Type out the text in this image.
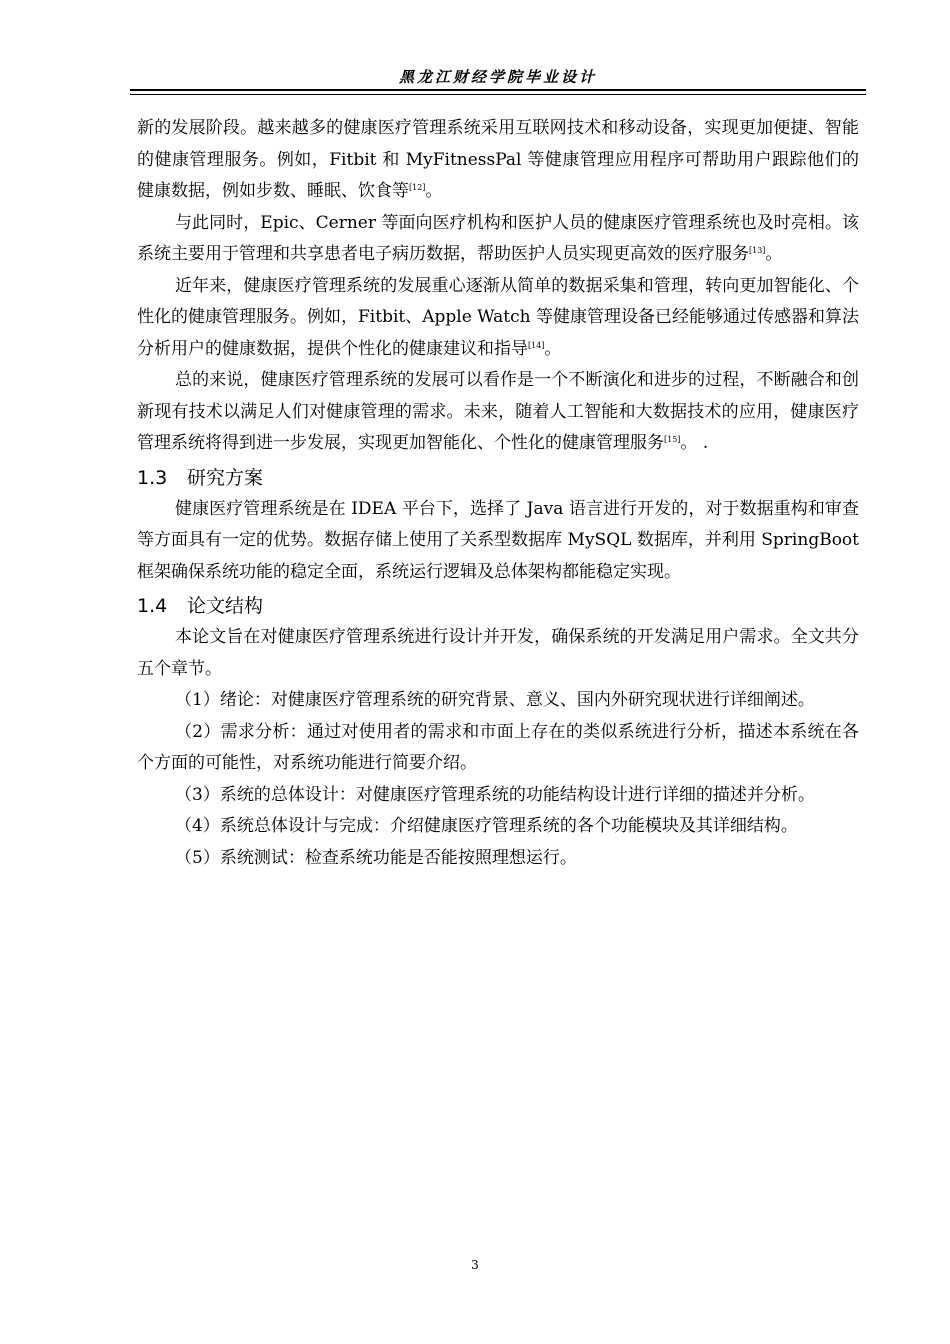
黑龙江财经学院毕业设计

新的发展阶段。越来越多的健康医疗管理系统采用互联网技术和移动设备，实现更加便捷、智能的健康管理服务。例如，Fitbit 和 MyFitnessPal 等健康管理应用程序可帮助用户跟踪他们的健康数据，例如步数、睡眠、饮食等[12]。

与此同时，Epic、Cerner 等面向医疗机构和医护人员的健康医疗管理系统也及时亮相。该系统主要用于管理和共享患者电子病历数据，帮助医护人员实现更高效的医疗服务[13]。

近年来，健康医疗管理系统的发展重心逐渐从简单的数据采集和管理，转向更加智能化、个性化的健康管理服务。例如，Fitbit、Apple Watch 等健康管理设备已经能够通过传感器和算法分析用户的健康数据，提供个性化的健康建议和指导[14]。

总的来说，健康医疗管理系统的发展可以看作是一个不断演化和进步的过程，不断融合和创新现有技术以满足人们对健康管理的需求。未来，随着人工智能和大数据技术的应用，健康医疗管理系统将得到进一步发展，实现更加智能化、个性化的健康管理服务[15]。 .

1.3 研究方案

健康医疗管理系统是在 IDEA 平台下，选择了 Java 语言进行开发的，对于数据重构和审查等方面具有一定的优势。数据存储上使用了关系型数据库 MySQL 数据库，并利用 SpringBoot 框架确保系统功能的稳定全面，系统运行逻辑及总体架构都能稳定实现。

1.4 论文结构

本论文旨在对健康医疗管理系统进行设计并开发，确保系统的开发满足用户需求。全文共分五个章节。

（1）绪论：对健康医疗管理系统的研究背景、意义、国内外研究现状进行详细阐述。

（2）需求分析：通过对使用者的需求和市面上存在的类似系统进行分析，描述本系统在各个方面的可能性，对系统功能进行简要介绍。

（3）系统的总体设计：对健康医疗管理系统的功能结构设计进行详细的描述并分析。

（4）系统总体设计与完成：介绍健康医疗管理系统的各个功能模块及其详细结构。

（5）系统测试：检查系统功能是否能按照理想运行。

3
